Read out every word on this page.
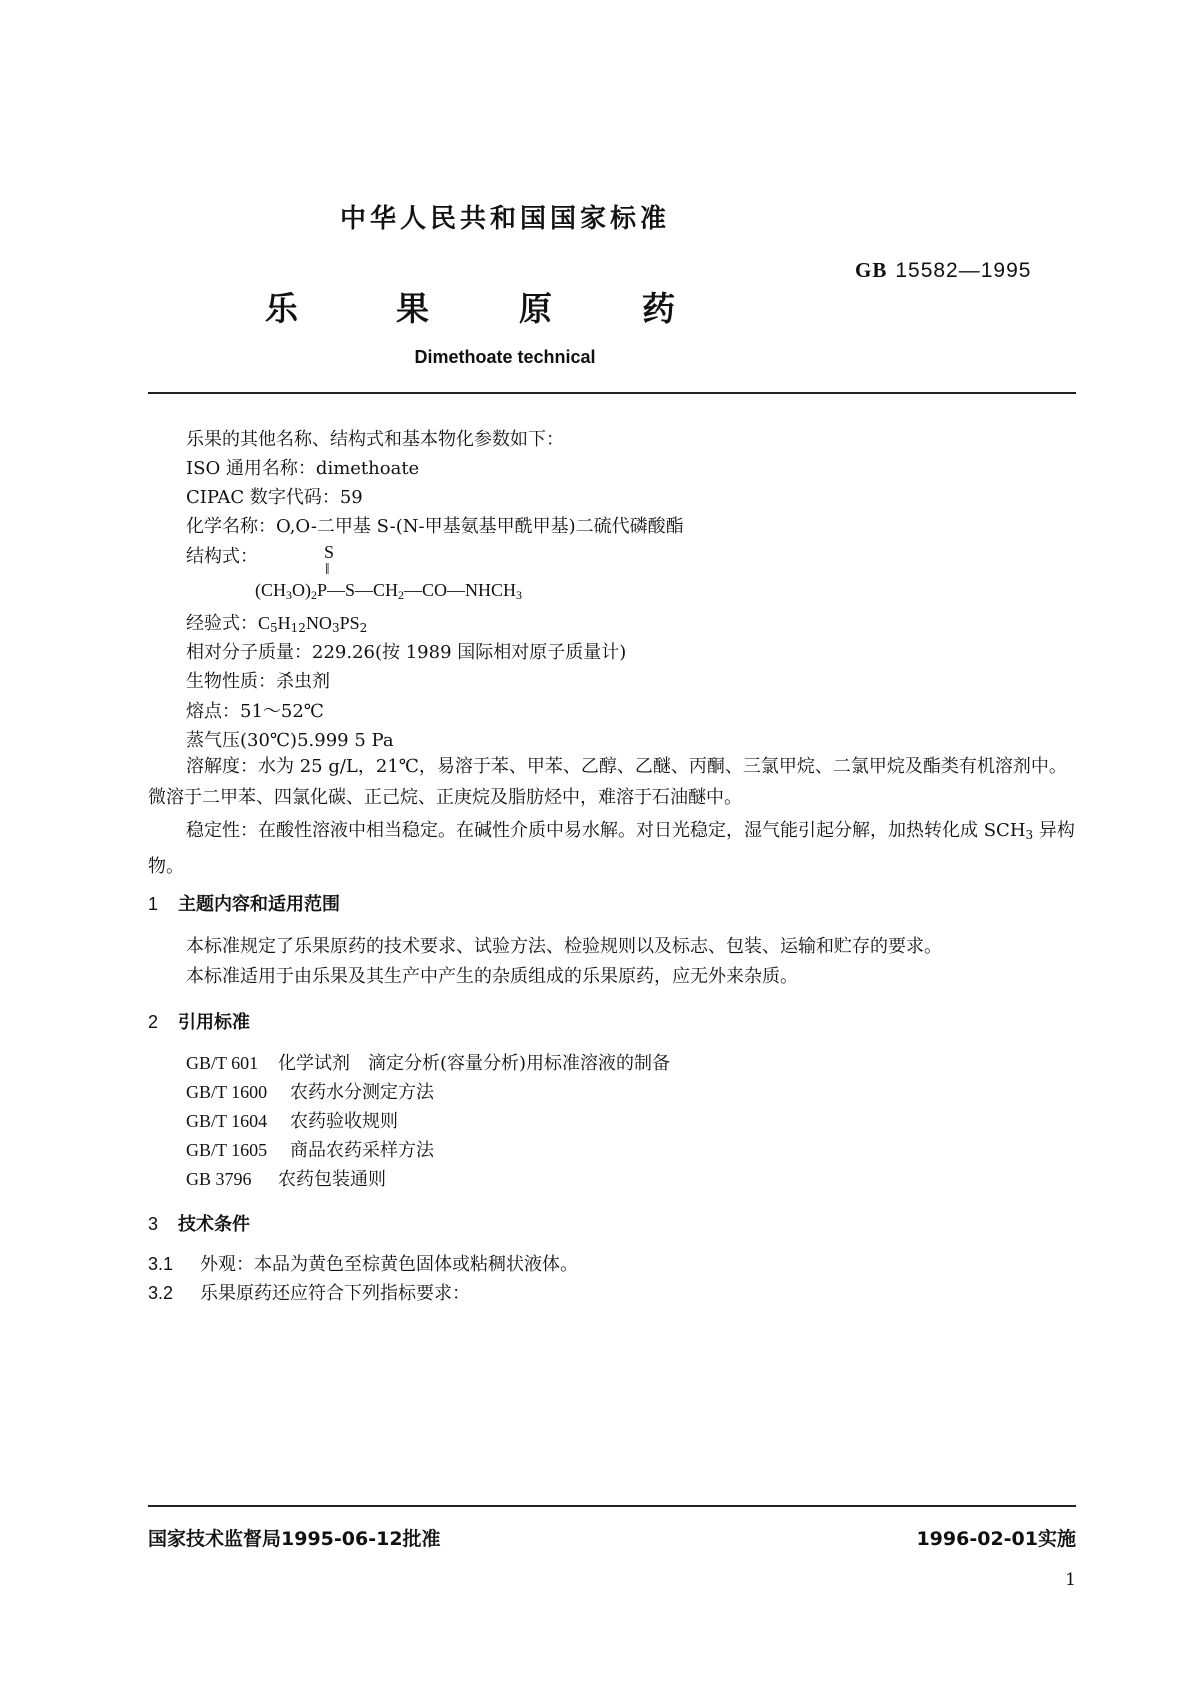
中华人民共和国国家标准
GB 15582—1995
乐	果	原	药
Dimethoate technical
乐果的其他名称、结构式和基本物化参数如下：
ISO 通用名称：dimethoate
CIPAC 数字代码：59
化学名称：O,O-二甲基 S-(N-甲基氨基甲酰甲基)二硫代磷酸酯
结构式：	S
‖
$(CH_3O)_2P—S—CH_2—CO—NHCH_3$
经验式：$C_5H_{12}NO_3PS_2$
相对分子质量：229.26(按 1989 国际相对原子质量计)
生物性质：杀虫剂
熔点：51～52℃
蒸气压(30℃)5.999 5 Pa
溶解度：水为 25 g/L，21℃，易溶于苯、甲苯、乙醇、乙醚、丙酮、三氯甲烷、二氯甲烷及酯类有机溶剂中。微溶于二甲苯、四氯化碳、正己烷、正庚烷及脂肪烃中，难溶于石油醚中。
稳定性：在酸性溶液中相当稳定。在碱性介质中易水解。对日光稳定，湿气能引起分解，加热转化成 $SCH_3$ 异构物。
1 主题内容和适用范围
本标准规定了乐果原药的技术要求、试验方法、检验规则以及标志、包装、运输和贮存的要求。
本标准适用于由乐果及其生产中产生的杂质组成的乐果原药，应无外来杂质。
2 引用标准
GB/T 601 化学试剂　滴定分析(容量分析)用标准溶液的制备
GB/T 1600 农药水分测定方法
GB/T 1604 农药验收规则
GB/T 1605 商品农药采样方法
GB 3796 农药包装通则
3 技术条件
3.1 外观：本品为黄色至棕黄色固体或粘稠状液体。
3.2 乐果原药还应符合下列指标要求：
国家技术监督局1995-06-12批准	1996-02-01实施
1
